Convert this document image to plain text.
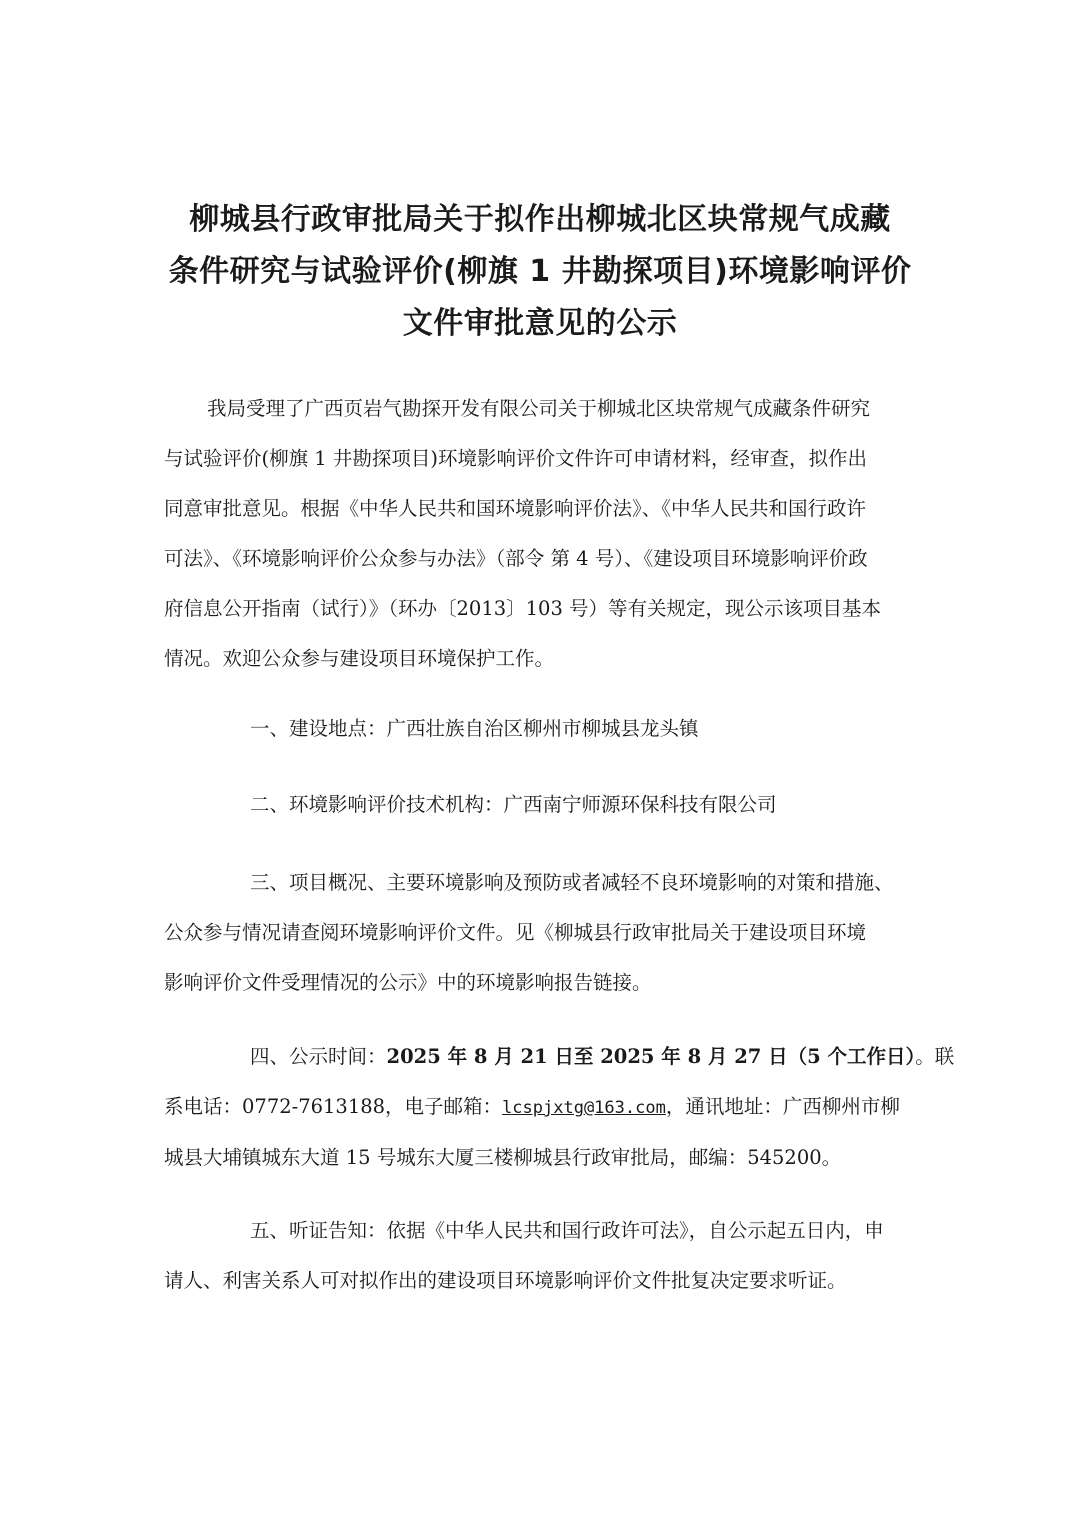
柳城县行政审批局关于拟作出柳城北区块常规气成藏
条件研究与试验评价(柳旗 1 井勘探项目)环境影响评价
文件审批意见的公示

我局受理了广西页岩气勘探开发有限公司关于柳城北区块常规气成藏条件研究
与试验评价(柳旗 1 井勘探项目)环境影响评价文件许可申请材料，经审查，拟作出
同意审批意见。根据《中华人民共和国环境影响评价法》、《中华人民共和国行政许
可法》、《环境影响评价公众参与办法》（部令 第 4 号）、《建设项目环境影响评价政
府信息公开指南（试行）》（环办〔2013〕103 号）等有关规定，现公示该项目基本
情况。欢迎公众参与建设项目环境保护工作。

一、建设地点：广西壮族自治区柳州市柳城县龙头镇

二、环境影响评价技术机构：广西南宁师源环保科技有限公司

三、项目概况、主要环境影响及预防或者减轻不良环境影响的对策和措施、
公众参与情况请查阅环境影响评价文件。见《柳城县行政审批局关于建设项目环境
影响评价文件受理情况的公示》中的环境影响报告链接。

四、公示时间：2025 年 8 月 21 日至 2025 年 8 月 27 日（5 个工作日）。联
系电话：0772-7613188，电子邮箱：lcspjxtg@163.com，通讯地址：广西柳州市柳
城县大埔镇城东大道 15 号城东大厦三楼柳城县行政审批局，邮编：545200。

五、听证告知：依据《中华人民共和国行政许可法》，自公示起五日内，申
请人、利害关系人可对拟作出的建设项目环境影响评价文件批复决定要求听证。
